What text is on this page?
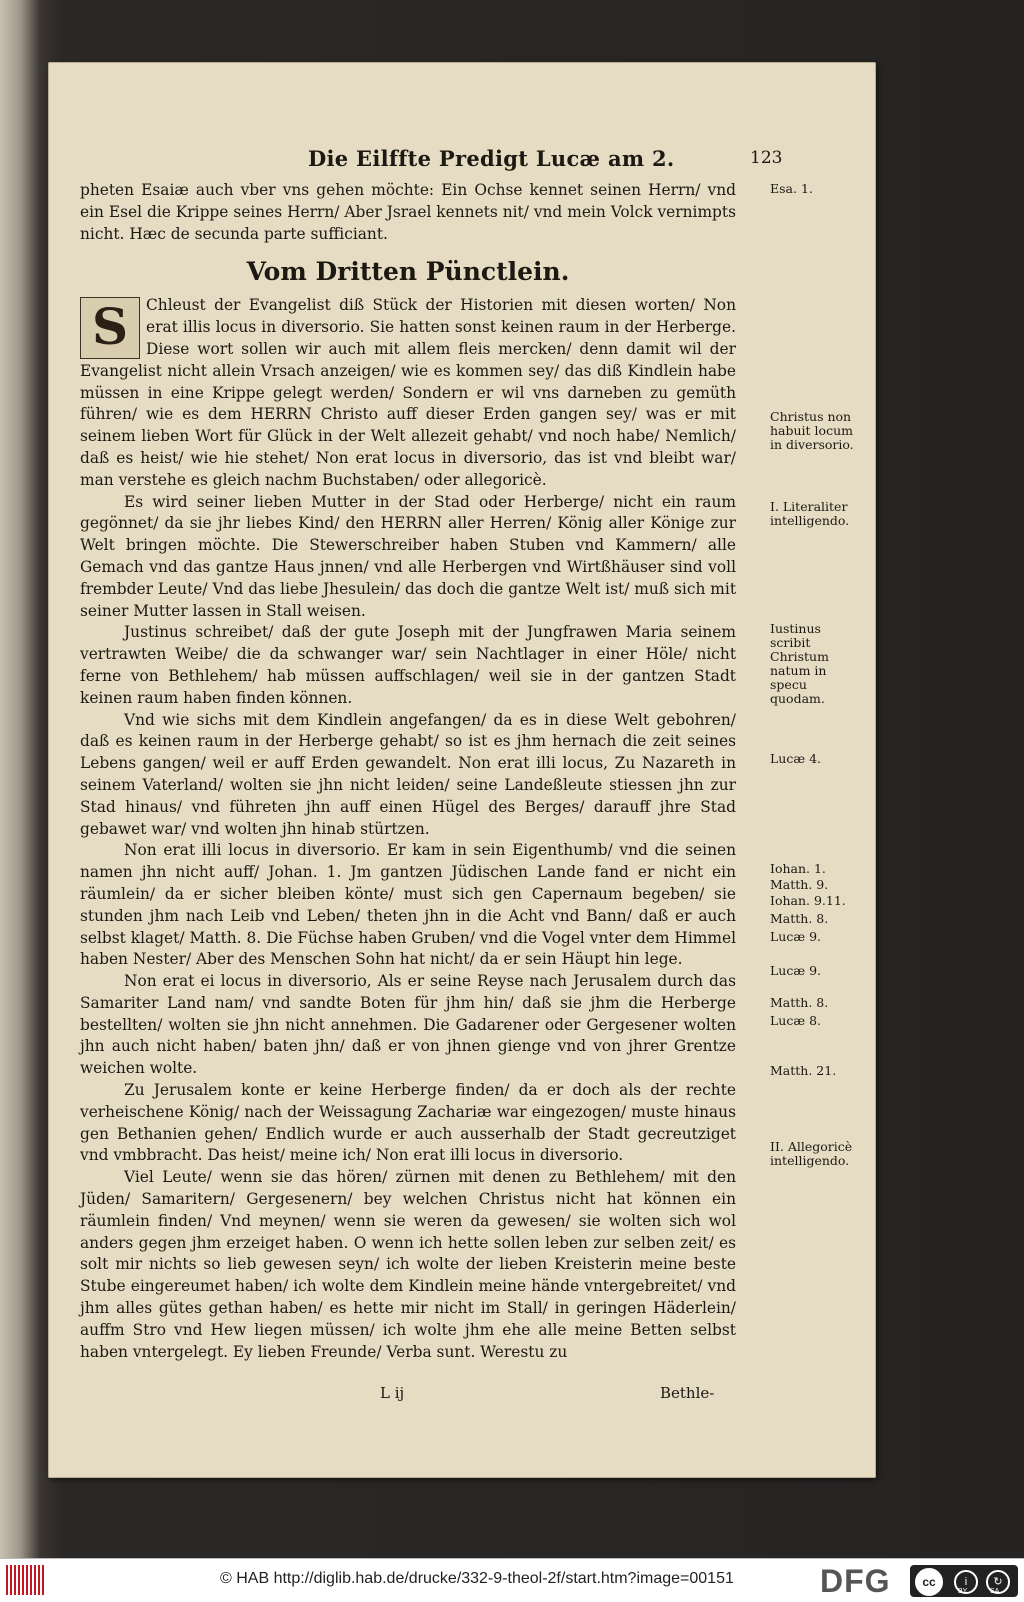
Die Eilffte Predigt Lucæ am 2.	123

pheten Esaiæ auch vber vns gehen möchte: Ein Ochse kennet seinen Herrn/ vnd ein Esel die Krippe seines Herrn/ Aber Jsrael kennets nit/ vnd mein Volck vernimpts nicht. Hæc de secunda parte sufficiant.

Vom Dritten Pünctlein.
S	Chleust der Evangelist diß Stück der Historien mit diesen worten/ Non erat illis locus in diversorio. Sie hatten sonst keinen raum in der Herberge. Diese wort sollen wir auch mit allem fleis mercken/ denn damit wil der Evangelist nicht allein Vrsach anzeigen/ wie es kommen sey/ das diß Kindlein habe müssen in eine Krippe gelegt werden/ Sondern er wil vns darneben zu gemüth führen/ wie es dem HERRN Christo auff dieser Erden gangen sey/ was er mit seinem lieben Wort für Glück in der Welt allezeit gehabt/ vnd noch habe/ Nemlich/ daß es heist/ wie hie stehet/ Non erat locus in diversorio, das ist vnd bleibt war/ man verstehe es gleich nachm Buchstaben/ oder allegoricè.

Es wird seiner lieben Mutter in der Stad oder Herberge/ nicht ein raum gegönnet/ da sie jhr liebes Kind/ den HERRN aller Herren/ König aller Könige zur Welt bringen möchte. Die Stewerschreiber haben Stuben vnd Kammern/ alle Gemach vnd das gantze Haus jnnen/ vnd alle Herbergen vnd Wirtßhäuser sind voll frembder Leute/ Vnd das liebe Jhesulein/ das doch die gantze Welt ist/ muß sich mit seiner Mutter lassen in Stall weisen.

Justinus schreibet/ daß der gute Joseph mit der Jungfrawen Maria seinem vertrawten Weibe/ die da schwanger war/ sein Nachtlager in einer Höle/ nicht ferne von Bethlehem/ hab müssen auffschlagen/ weil sie in der gantzen Stadt keinen raum haben finden können.

Vnd wie sichs mit dem Kindlein angefangen/ da es in diese Welt gebohren/ daß es keinen raum in der Herberge gehabt/ so ist es jhm hernach die zeit seines Lebens gangen/ weil er auff Erden gewandelt. Non erat illi locus, Zu Nazareth in seinem Vaterland/ wolten sie jhn nicht leiden/ seine Landeßleute stiessen jhn zur Stad hinaus/ vnd führeten jhn auff einen Hügel des Berges/ darauff jhre Stad gebawet war/ vnd wolten jhn hinab stürtzen.

Non erat illi locus in diversorio. Er kam in sein Eigenthumb/ vnd die seinen namen jhn nicht auff/ Johan. 1. Jm gantzen Jüdischen Lande fand er nicht ein räumlein/ da er sicher bleiben könte/ must sich gen Capernaum begeben/ sie stunden jhm nach Leib vnd Leben/ theten jhn in die Acht vnd Bann/ daß er auch selbst klaget/ Matth. 8. Die Füchse haben Gruben/ vnd die Vogel vnter dem Himmel haben Nester/ Aber des Menschen Sohn hat nicht/ da er sein Häupt hin lege.

Non erat ei locus in diversorio, Als er seine Reyse nach Jerusalem durch das Samariter Land nam/ vnd sandte Boten für jhm hin/ daß sie jhm die Herberge bestellten/ wolten sie jhn nicht annehmen. Die Gadarener oder Gergesener wolten jhn auch nicht haben/ baten jhn/ daß er von jhnen gienge vnd von jhrer Grentze weichen wolte.

Zu Jerusalem konte er keine Herberge finden/ da er doch als der rechte verheischene König/ nach der Weissagung Zachariæ war eingezogen/ muste hinaus gen Bethanien gehen/ Endlich wurde er auch ausserhalb der Stadt gecreutziget vnd vmbbracht. Das heist/ meine ich/ Non erat illi locus in diversorio.

Viel Leute/ wenn sie das hören/ zürnen mit denen zu Bethlehem/ mit den Jüden/ Samaritern/ Gergesenern/ bey welchen Christus nicht hat können ein räumlein finden/ Vnd meynen/ wenn sie weren da gewesen/ sie wolten sich wol anders gegen jhm erzeiget haben. O wenn ich hette sollen leben zur selben zeit/ es solt mir nichts so lieb gewesen seyn/ ich wolte der lieben Kreisterin meine beste Stube eingereumet haben/ ich wolte dem Kindlein meine hände vntergebreitet/ vnd jhm alles gütes gethan haben/ es hette mir nicht im Stall/ in geringen Häderlein/ auffm Stro vnd Hew liegen müssen/ ich wolte jhm ehe alle meine Betten selbst haben vntergelegt. Ey lieben Freunde/ Verba sunt. Werestu zu

Esa. 1.
Christus non habuit locum in diversorio.
I. Literaliter intelligendo.
Iustinus scribit Christum natum in specu quodam.
Lucæ 4.
Iohan. 1.
Matth. 9.
Iohan. 9.11.
Matth. 8.
Lucæ 9.
Lucæ 9.
Matth. 8.
Lucæ 8.
Matth. 21.
II. Allegoricè intelligendo.
L ij	Bethle-
© HAB http://diglib.hab.de/drucke/332-9-theol-2f/start.htm?image=00151	DFG	cc	i	↻
BY	SA
